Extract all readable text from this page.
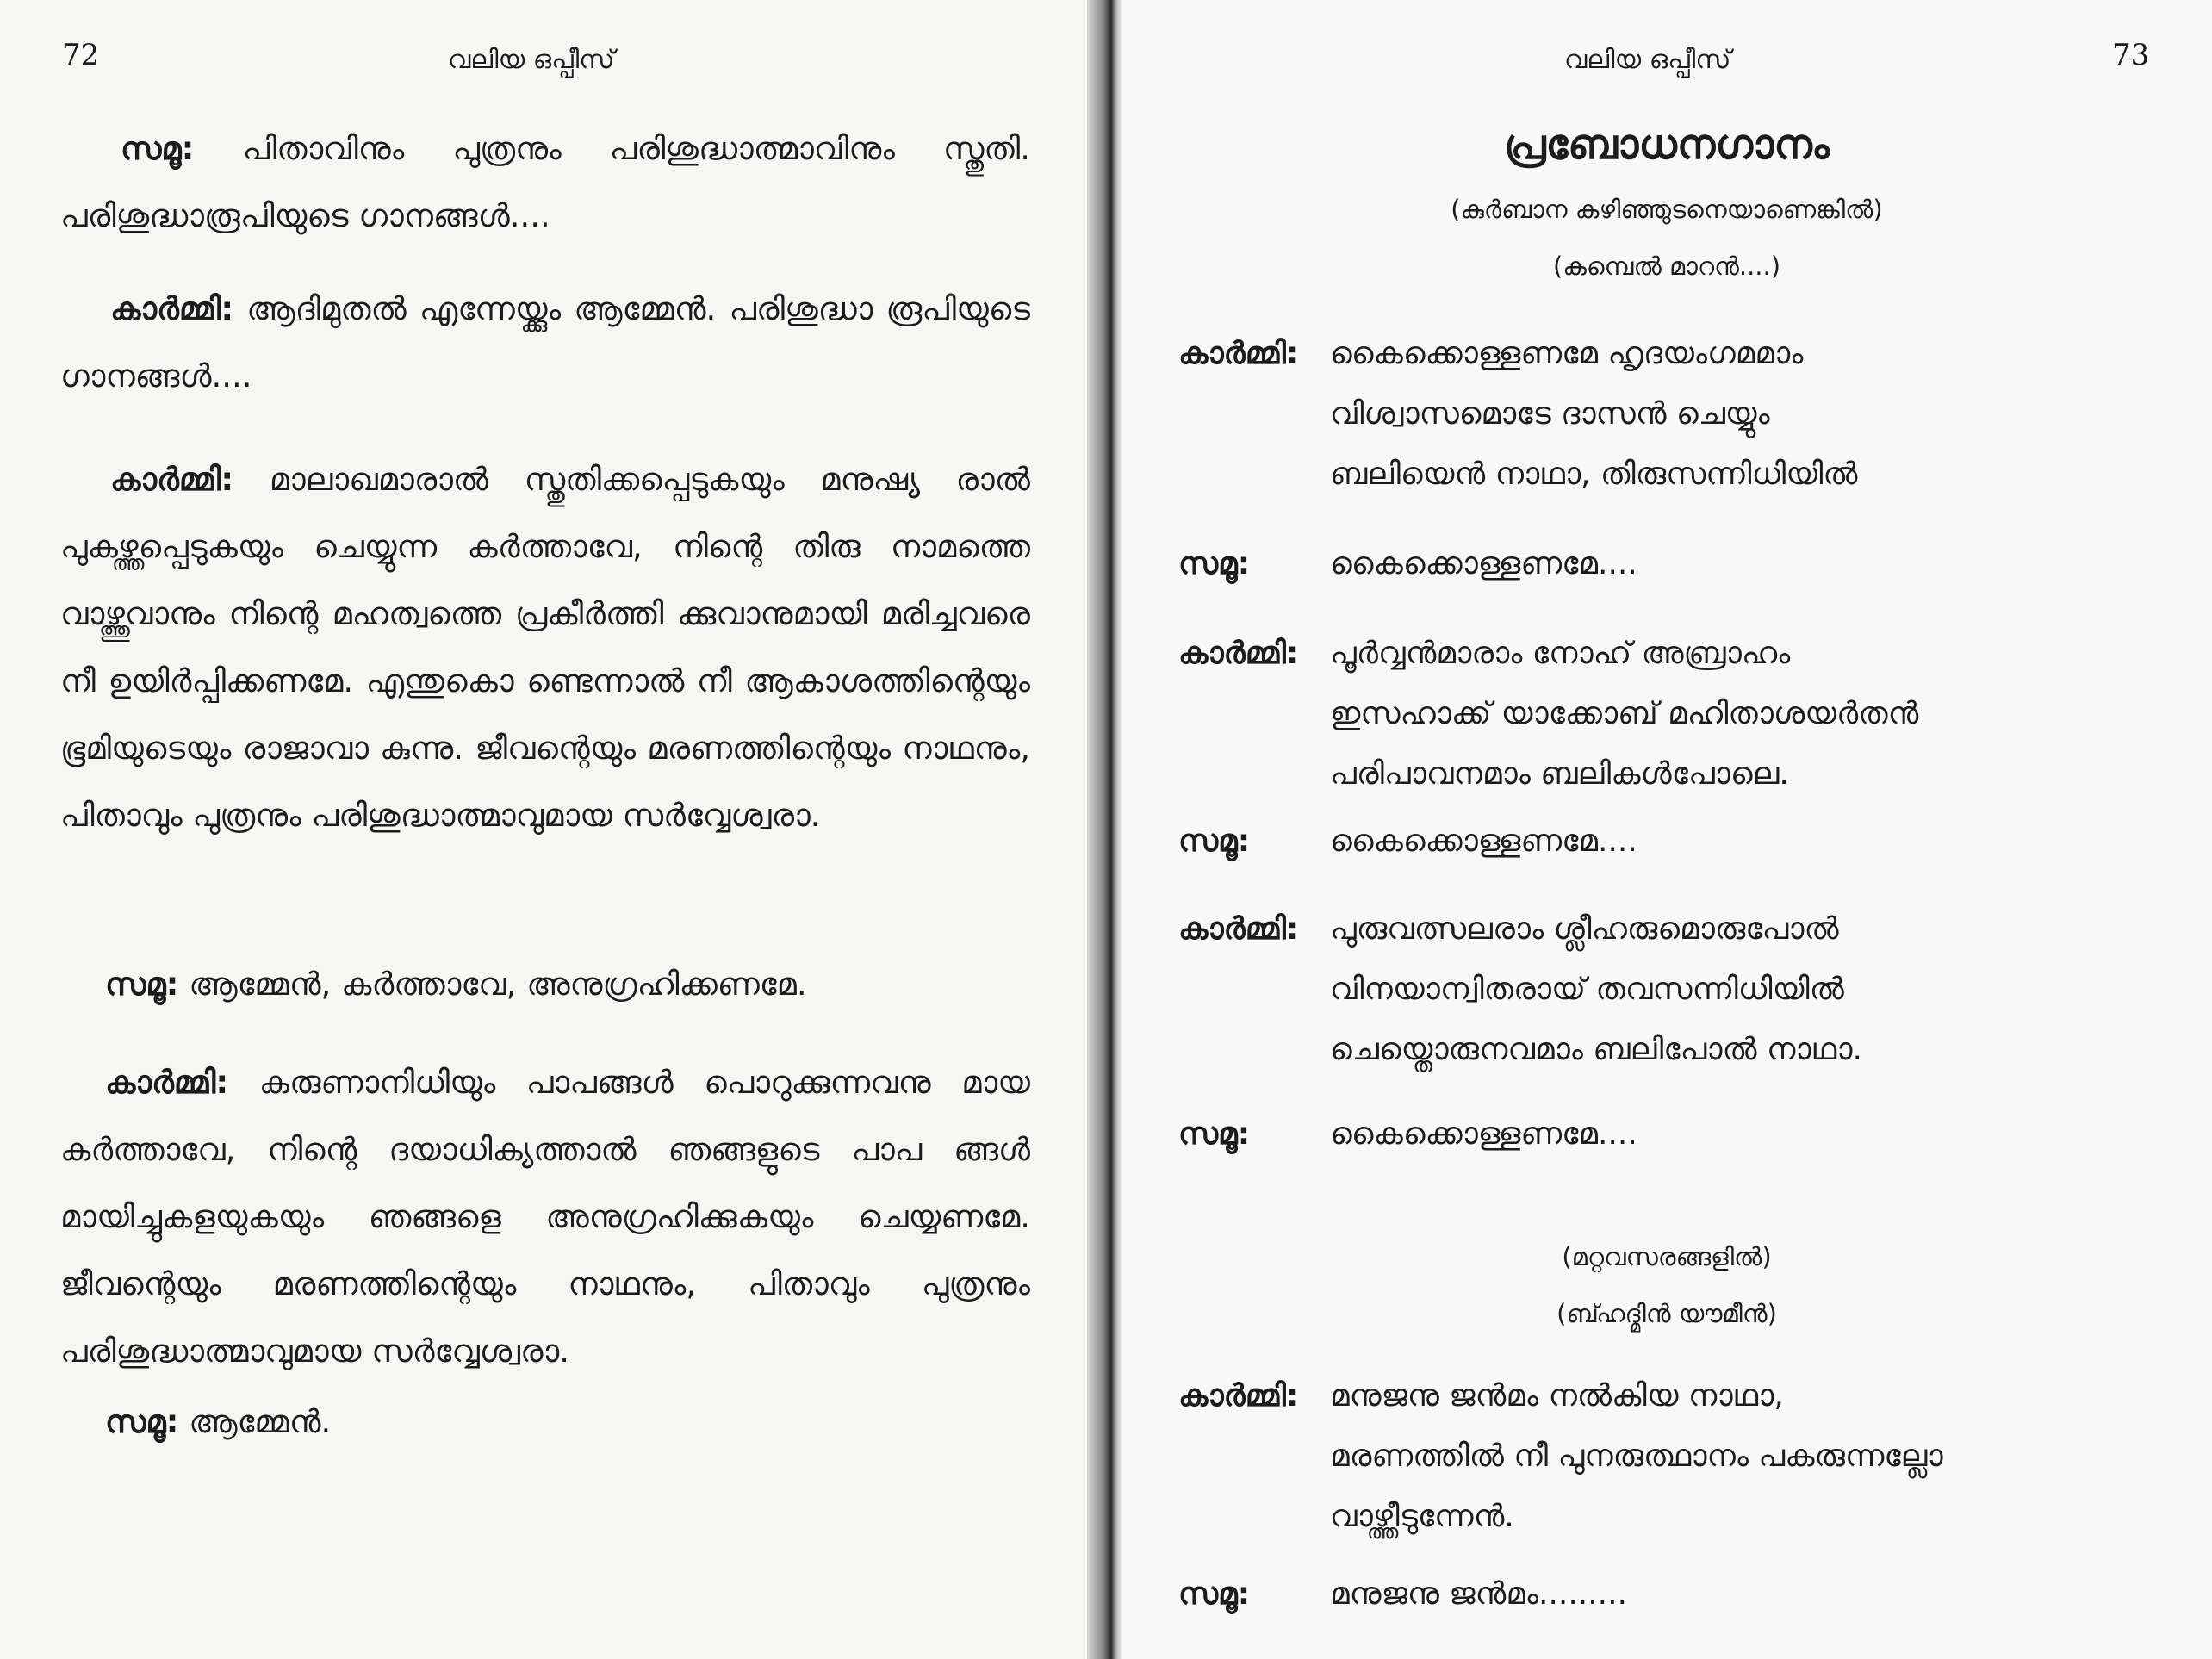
72	വലിയ ഒപ്പീസ്
സമൂ: പിതാവിനും പുത്രനും പരിശുദ്ധാത്മാവിനും സ്തുതി. പരിശുദ്ധാരൂപിയുടെ ഗാനങ്ങൾ....
കാർമ്മി: ആദിമുതൽ എന്നേയ്ക്കും ആമ്മേൻ. പരിശുദ്ധാ രൂപിയുടെ ഗാനങ്ങൾ....
കാർമ്മി: മാലാഖമാരാൽ സ്തുതിക്കപ്പെടുകയും മനുഷ്യ രാൽ പുകഴ്ത്തപ്പെടുകയും ചെയ്യുന്ന കർത്താവേ, നിന്റെ തിരു നാമത്തെ വാഴ്ത്തുവാനും നിന്റെ മഹത്വത്തെ പ്രകീർത്തി ക്കുവാനുമായി മരിച്ചവരെ നീ ഉയിർപ്പിക്കണമേ. എന്തുകൊ ണ്ടെന്നാൽ നീ ആകാശത്തിന്റെയും ഭൂമിയുടെയും രാജാവാ കുന്നു. ജീവന്റെയും മരണത്തിന്റെയും നാഥനും, പിതാവും പുത്രനും പരിശുദ്ധാത്മാവുമായ സർവ്വേശ്വരാ.
സമൂ: ആമ്മേൻ, കർത്താവേ, അനുഗ്രഹിക്കണമേ.
കാർമ്മി: കരുണാനിധിയും പാപങ്ങൾ പൊറുക്കുന്നവനു മായ കർത്താവേ, നിന്റെ ദയാധിക്യത്താൽ ഞങ്ങളുടെ പാപ ങ്ങൾ മായിച്ചുകളയുകയും ഞങ്ങളെ അനുഗ്രഹിക്കുകയും ചെയ്യണമേ. ജീവന്റെയും മരണത്തിന്റെയും നാഥനും, പിതാവും പുത്രനും പരിശുദ്ധാത്മാവുമായ സർവ്വേശ്വരാ.
സമൂ: ആമ്മേൻ.
വലിയ ഒപ്പീസ്	73
പ്രബോധനഗാനം
(കുർബാന കഴിഞ്ഞുടനെയാണെങ്കിൽ)
(കമ്പെൽ മാറൻ....)
കാർമ്മി: കൈക്കൊള്ളണമേ ഹൃദയംഗമമാം
വിശ്വാസമൊടേ ദാസൻ ചെയ്യും
ബലിയെൻ നാഥാ, തിരുസന്നിധിയിൽ
സമൂ:	കൈക്കൊള്ളണമേ....
കാർമ്മി: പൂർവ്വൻമാരാം നോഹ് അബ്രാഹം
ഇസഹാക്ക് യാക്കോബ് മഹിതാശയർതൻ
പരിപാവനമാം ബലികൾപോലെ.
സമൂ:	കൈക്കൊള്ളണമേ....
കാർമ്മി: പുരുവത്സലരാം ശ്ലീഹരുമൊരുപോൽ
വിനയാന്വിതരായ് തവസന്നിധിയിൽ
ചെയ്തൊരുനവമാം ബലിപോൽ നാഥാ.
സമൂ:	കൈക്കൊള്ളണമേ....
(മറ്റവസരങ്ങളിൽ)
(ബ്ഹദ്മിൻ യൗമീൻ)
കാർമ്മി: മനുജനു ജൻമം നൽകിയ നാഥാ,
മരണത്തിൽ നീ പുനരുത്ഥാനം പകരുന്നല്ലോ
വാഴ്ത്തീടുന്നേൻ.
സമൂ:	മനുജനു ജൻമം.........
